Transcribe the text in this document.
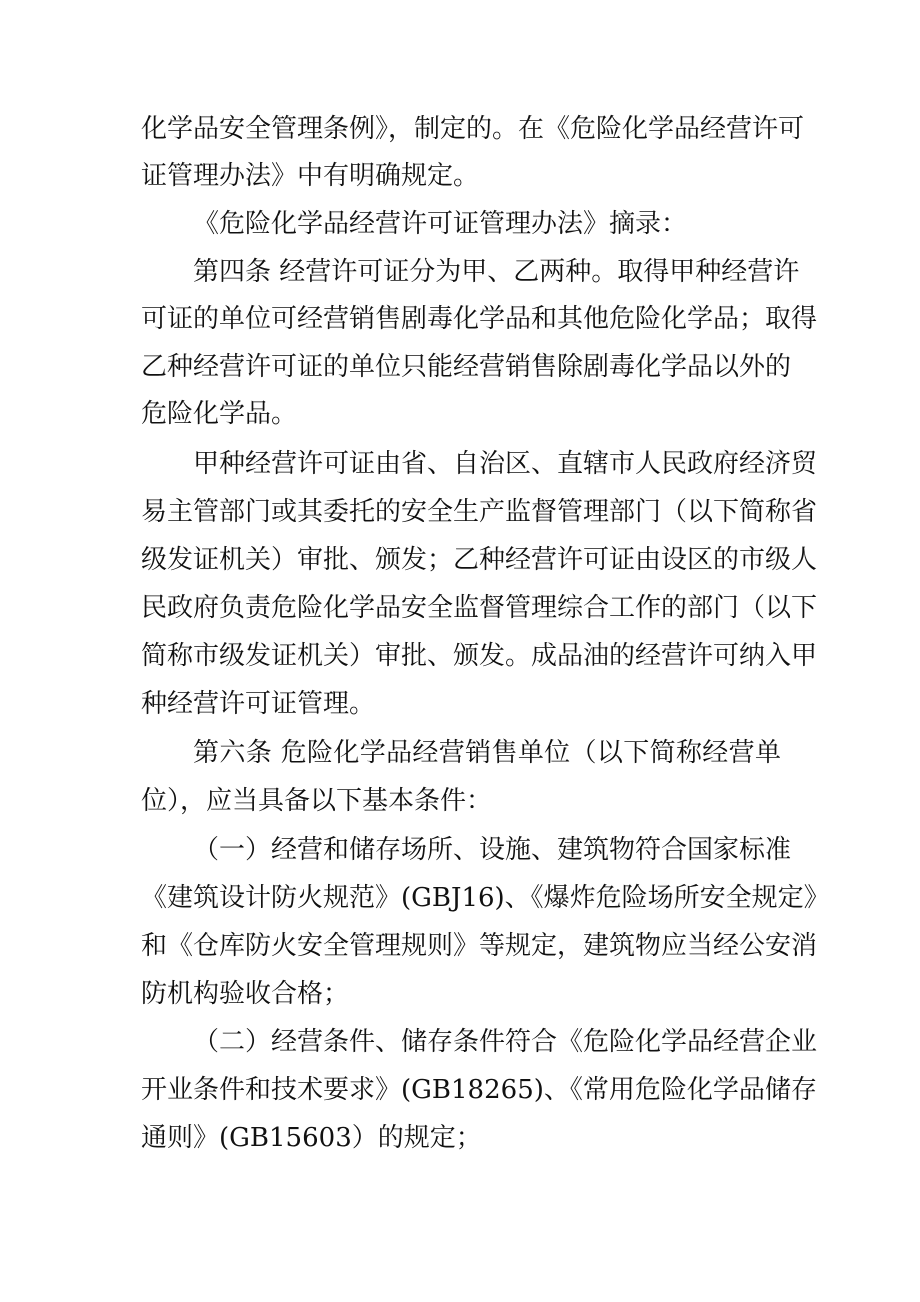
化学品安全管理条例》，制定的。在《危险化学品经营许可

证管理办法》中有明确规定。

《危险化学品经营许可证管理办法》摘录：

第四条 经营许可证分为甲、乙两种。取得甲种经营许

可证的单位可经营销售剧毒化学品和其他危险化学品；取得

乙种经营许可证的单位只能经营销售除剧毒化学品以外的

危险化学品。

甲种经营许可证由省、自治区、直辖市人民政府经济贸

易主管部门或其委托的安全生产监督管理部门（以下简称省

级发证机关）审批、颁发；乙种经营许可证由设区的市级人

民政府负责危险化学品安全监督管理综合工作的部门（以下

简称市级发证机关）审批、颁发。成品油的经营许可纳入甲

种经营许可证管理。

第六条 危险化学品经营销售单位（以下简称经营单

位），应当具备以下基本条件：

（一）经营和储存场所、设施、建筑物符合国家标准

《建筑设计防火规范》(GBJ16)、《爆炸危险场所安全规定》

和《仓库防火安全管理规则》等规定，建筑物应当经公安消

防机构验收合格；

（二）经营条件、储存条件符合《危险化学品经营企业

开业条件和技术要求》(GB18265)、《常用危险化学品储存

通则》(GB15603）的规定；
